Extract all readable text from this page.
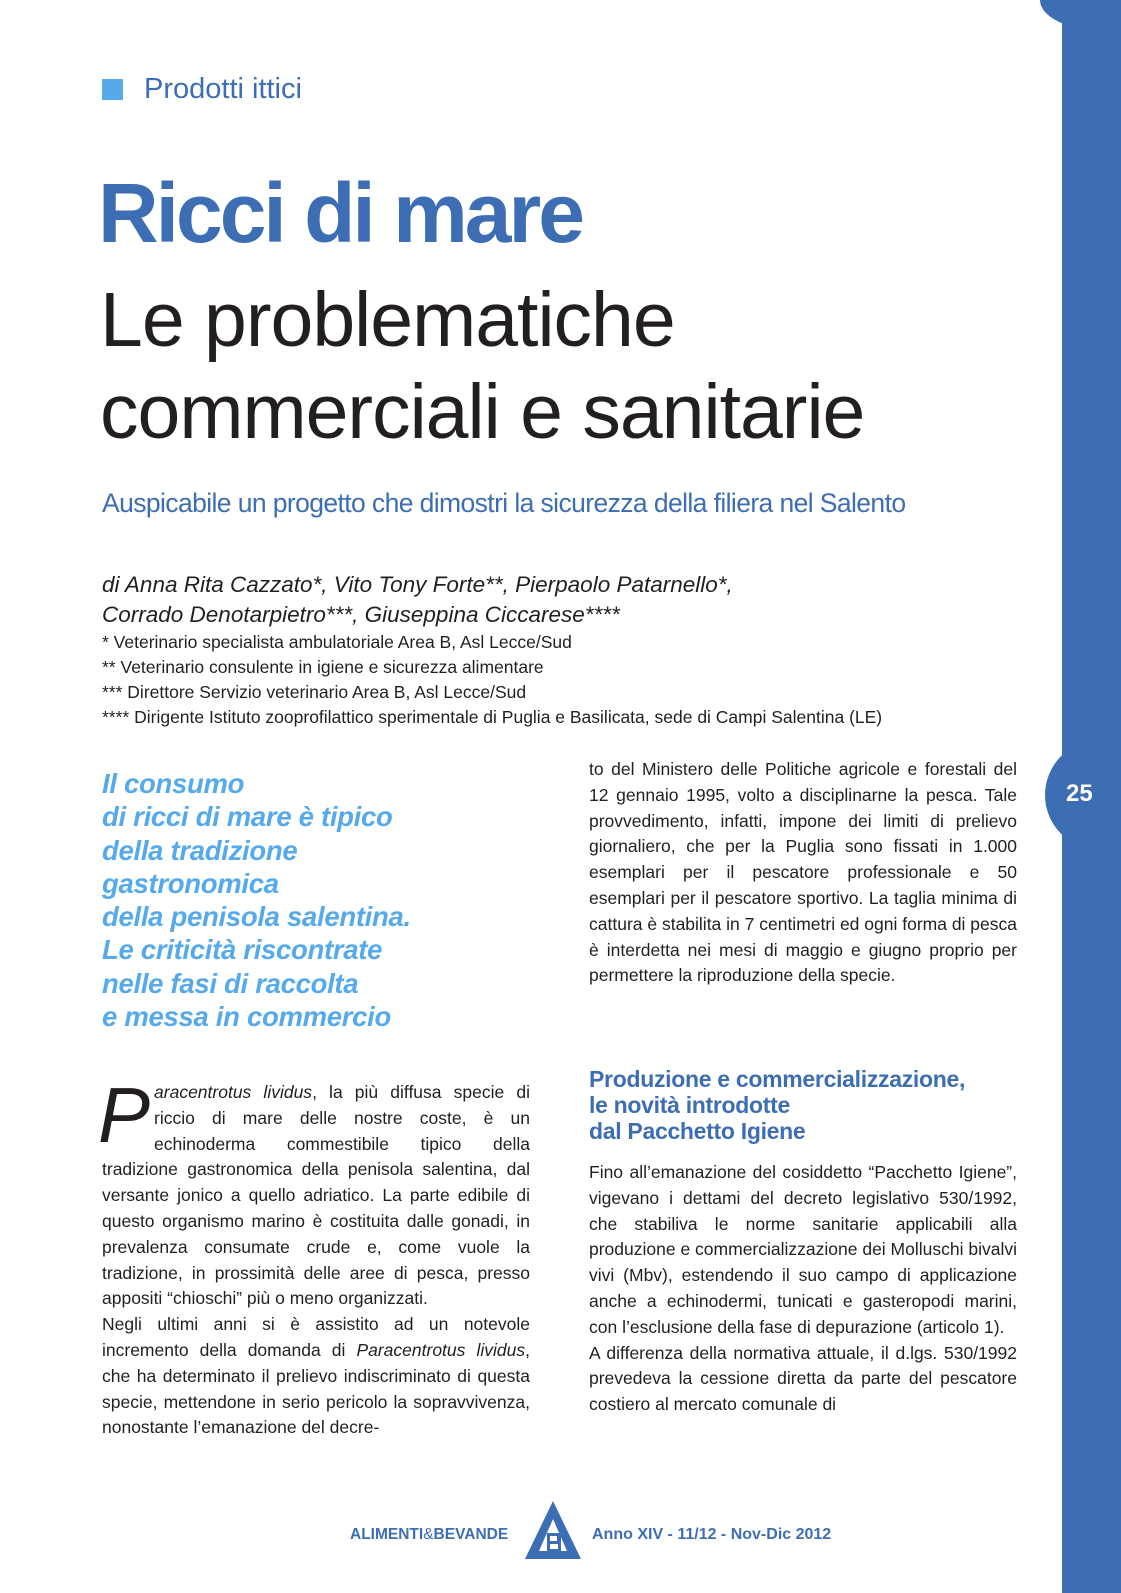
25
Prodotti ittici
Ricci di mare
Le problematiche
commerciali e sanitarie
Auspicabile un progetto che dimostri la sicurezza della filiera nel Salento
di Anna Rita Cazzato*, Vito Tony Forte**, Pierpaolo Patarnello*,
Corrado Denotarpietro***, Giuseppina Ciccarese****
* Veterinario specialista ambulatoriale Area B, Asl Lecce/Sud
** Veterinario consulente in igiene e sicurezza alimentare
*** Direttore Servizio veterinario Area B, Asl Lecce/Sud
**** Dirigente Istituto zooprofilattico sperimentale di Puglia e Basilicata, sede di Campi Salentina (LE)
Il consumo
di ricci di mare è tipico
della tradizione
gastronomica
della penisola salentina.
Le criticità riscontrate
nelle fasi di raccolta
e messa in commercio

Paracentrotus lividus, la più diffusa specie di riccio di mare delle nostre coste, è un echinoderma commestibile tipico della tradizione gastronomica della penisola salentina, dal versante jonico a quello adriatico. La parte edibile di questo organismo marino è costituita dalle gonadi, in prevalenza consumate crude e, come vuole la tradizione, in prossimità delle aree di pesca, presso appositi “chioschi” più o meno organizzati.

Negli ultimi anni si è assistito ad un notevole incremento della domanda di Paracentrotus lividus, che ha determinato il prelievo indiscriminato di questa specie, mettendone in serio pericolo la sopravvivenza, nonostante l’emanazione del decre-

to del Ministero delle Politiche agricole e forestali del 12 gennaio 1995, volto a disciplinarne la pesca. Tale provvedimento, infatti, impone dei limiti di prelievo giornaliero, che per la Puglia sono fissati in 1.000 esemplari per il pescatore professionale e 50 esemplari per il pescatore sportivo. La taglia minima di cattura è stabilita in 7 centimetri ed ogni forma di pesca è interdetta nei mesi di maggio e giugno proprio per permettere la riproduzione della specie.

Produzione e commercializzazione,
le novità introdotte
dal Pacchetto Igiene

Fino all’emanazione del cosiddetto “Pacchetto Igiene”, vigevano i dettami del decreto legislativo 530/1992, che stabiliva le norme sanitarie applicabili alla produzione e commercializzazione dei Molluschi bivalvi vivi (Mbv), estendendo il suo campo di applicazione anche a echinodermi, tunicati e gasteropodi marini, con l’esclusione della fase di depurazione (articolo 1).

A differenza della normativa attuale, il d.lgs. 530/1992 prevedeva la cessione diretta da parte del pescatore costiero al mercato comunale di

ALIMENTI&BEVANDE	Anno XIV - 11/12 - Nov-Dic 2012
